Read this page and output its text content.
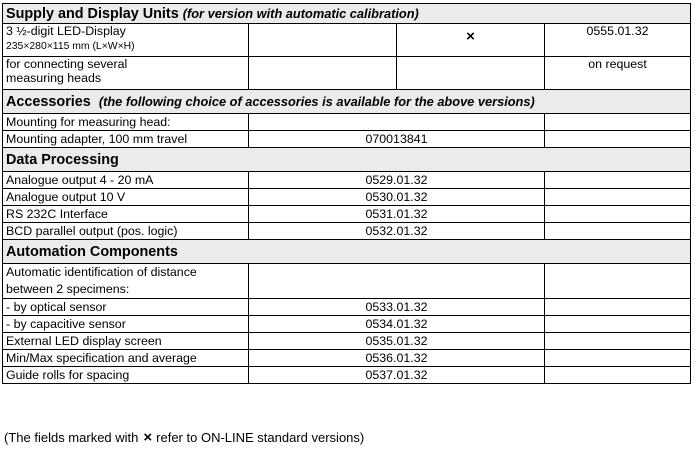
Supply and Display Units (for version with automatic calibration)			
3 ½-digit LED-Display
235×280×115 mm (L×W×H)		×	0555.01.32
for connecting several
measuring heads			on request
Accessories (the following choice of accessories is available for the above versions)			
Mounting for measuring head:			
Mounting adapter, 100 mm travel	070013841		
Data Processing			
Analogue output 4 - 20 mA	0529.01.32		
Analogue output 10 V	0530.01.32		
RS 232C Interface	0531.01.32		
BCD parallel output (pos. logic)	0532.01.32		
Automation Components			
Automatic identification of distance
between 2 specimens:			
- by optical sensor	0533.01.32		
- by capacitive sensor	0534.01.32		
External LED display screen	0535.01.32		
Min/Max specification and average	0536.01.32		
Guide rolls for spacing	0537.01.32		
(The fields marked with × refer to ON-LINE standard versions)
